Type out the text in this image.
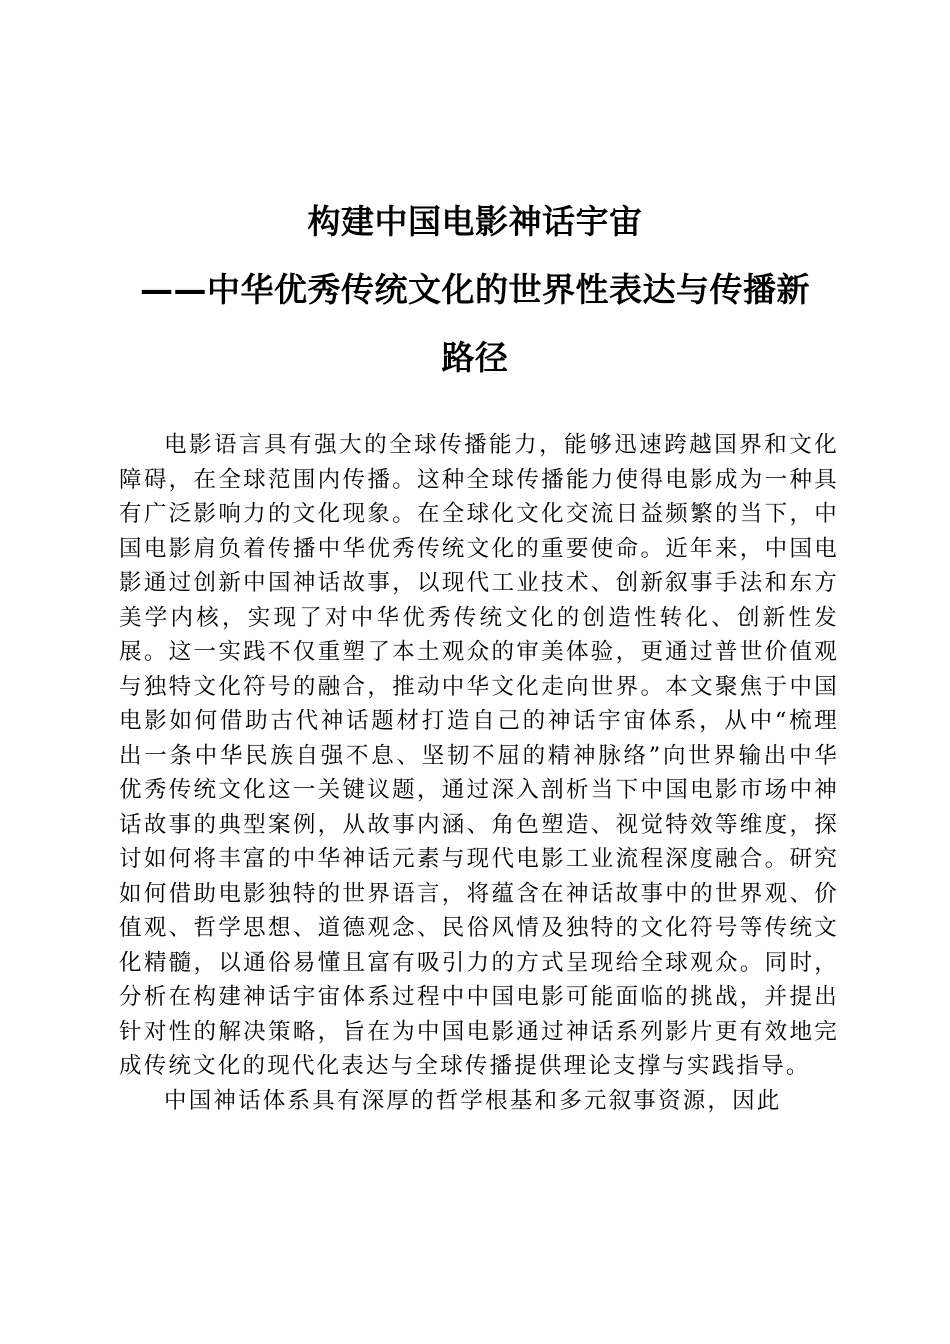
构建中国电影神话宇宙
——中华优秀传统文化的世界性表达与传播新
路径

电影语言具有强大的全球传播能力，能够迅速跨越国界和文化障碍，在全球范围内传播。这种全球传播能力使得电影成为一种具有广泛影响力的文化现象。在全球化文化交流日益频繁的当下，中国电影肩负着传播中华优秀传统文化的重要使命。近年来，中国电影通过创新中国神话故事，以现代工业技术、创新叙事手法和东方美学内核，实现了对中华优秀传统文化的创造性转化、创新性发展。这一实践不仅重塑了本土观众的审美体验，更通过普世价值观与独特文化符号的融合，推动中华文化走向世界。本文聚焦于中国电影如何借助古代神话题材打造自己的神话宇宙体系，从中“梳理出一条中华民族自强不息、坚韧不屈的精神脉络”向世界输出中华优秀传统文化这一关键议题，通过深入剖析当下中国电影市场中神话故事的典型案例，从故事内涵、角色塑造、视觉特效等维度，探讨如何将丰富的中华神话元素与现代电影工业流程深度融合。研究如何借助电影独特的世界语言，将蕴含在神话故事中的世界观、价值观、哲学思想、道德观念、民俗风情及独特的文化符号等传统文化精髓，以通俗易懂且富有吸引力的方式呈现给全球观众。同时，分析在构建神话宇宙体系过程中中国电影可能面临的挑战，并提出针对性的解决策略，旨在为中国电影通过神话系列影片更有效地完成传统文化的现代化表达与全球传播提供理论支撑与实践指导。

中国神话体系具有深厚的哲学根基和多元叙事资源，因此
